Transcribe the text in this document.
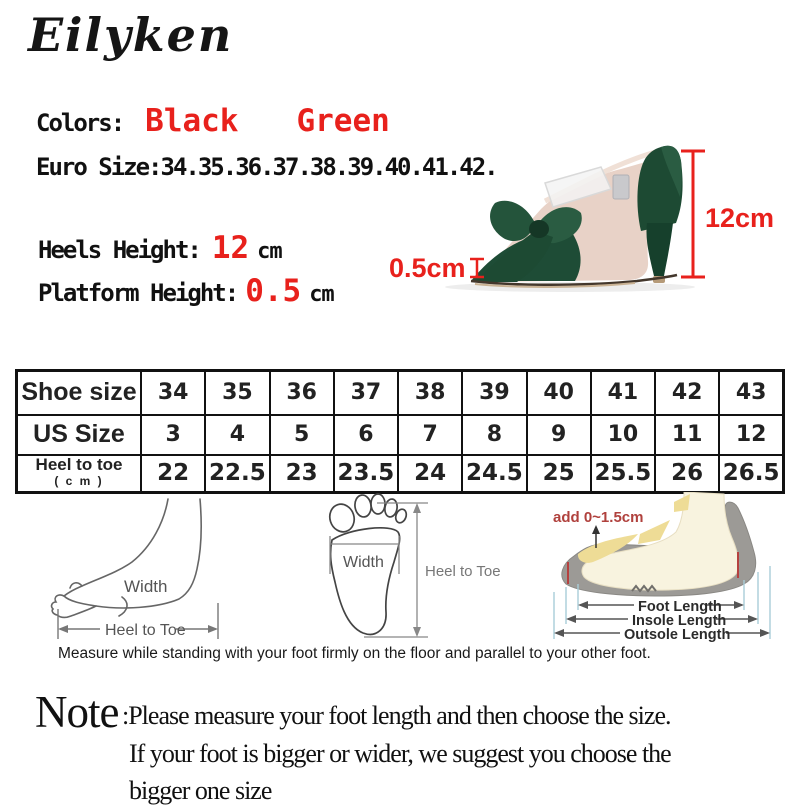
Eilyken
Colors: Black Green
Euro Size:34.35.36.37.38.39.40.41.42.
Heels Height: 12 cm
Platform Height: 0.5 cm
12cm
0.5cm
Shoe size	34	35	36	37	38	39	40	41	42	43
US Size	3	4	5	6	7	8	9	10	11	12
Heel to toe
( c m )	22	22.5	23	23.5	24	24.5	25	25.5	26	26.5
Width
Heel to Toe
Width
Heel to Toe
add 0~1.5cm
Foot Length
Insole Length
Outsole Length
Measure while standing with your foot firmly on the floor and parallel to your other foot.
Note :Please measure your foot length and then choose the size.
If your foot is bigger or wider, we suggest you choose the
bigger one size
